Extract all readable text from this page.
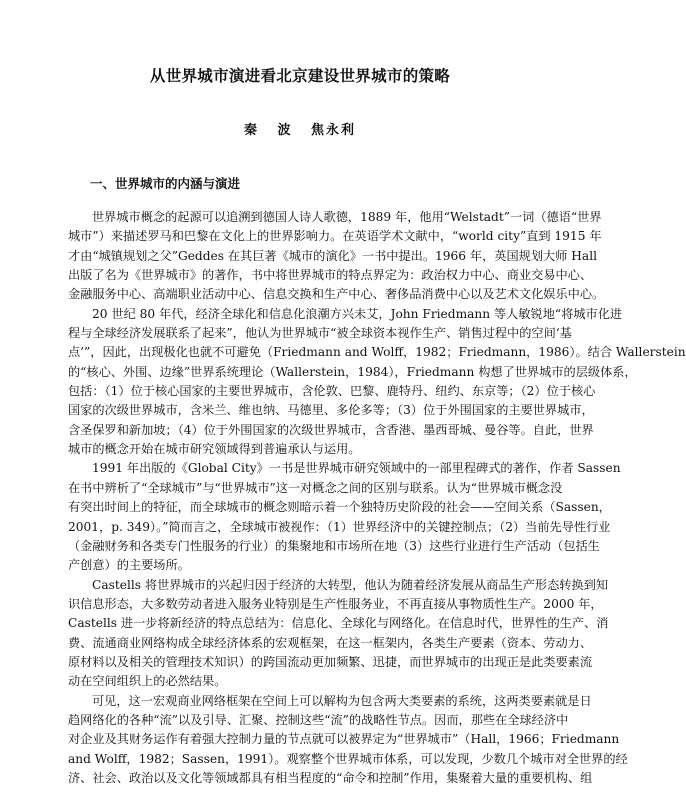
从世界城市演进看北京建设世界城市的策略
秦 波 焦永利
一、世界城市的内涵与演进
世界城市概念的起源可以追溯到德国人诗人歌德，1889 年，他用“Welstadt”一词（德语“世界
城市”）来描述罗马和巴黎在文化上的世界影响力。在英语学术文献中，“world city”直到 1915 年
才由“城镇规划之父”Geddes 在其巨著《城市的演化》一书中提出。1966 年，英国规划大师 Hall
出版了名为《世界城市》的著作，书中将世界城市的特点界定为：政治权力中心、商业交易中心、
金融服务中心、高端职业活动中心、信息交换和生产中心、奢侈品消费中心以及艺术文化娱乐中心。
20 世纪 80 年代，经济全球化和信息化浪潮方兴未艾，John Friedmann 等人敏锐地“将城市化进
程与全球经济发展联系了起来”，他认为世界城市“被全球资本视作生产、销售过程中的空间‘基
点’”，因此，出现极化也就不可避免（Friedmann and Wolff，1982；Friedmann，1986）。结合 Wallerstein
的“核心、外围、边缘”世界系统理论（Wallerstein，1984），Friedmann 构想了世界城市的层级体系，
包括：（1）位于核心国家的主要世界城市，含伦敦、巴黎、鹿特丹、纽约、东京等；（2）位于核心
国家的次级世界城市，含米兰、维也纳、马德里、多伦多等；（3）位于外围国家的主要世界城市，
含圣保罗和新加坡；（4）位于外围国家的次级世界城市，含香港、墨西哥城、曼谷等。自此，世界
城市的概念开始在城市研究领域得到普遍承认与运用。
1991 年出版的《Global City》一书是世界城市研究领域中的一部里程碑式的著作，作者 Sassen
在书中辨析了“全球城市”与“世界城市”这一对概念之间的区别与联系。认为“世界城市概念没
有突出时间上的特征，而全球城市的概念则暗示着一个独特历史阶段的社会——空间关系（Sassen，
2001，p. 349）。”简而言之，全球城市被视作：（1）世界经济中的关键控制点；（2）当前先导性行业
（金融财务和各类专门性服务的行业）的集聚地和市场所在地（3）这些行业进行生产活动（包括生
产创意）的主要场所。
Castells 将世界城市的兴起归因于经济的大转型，他认为随着经济发展从商品生产形态转换到知
识信息形态，大多数劳动者进入服务业特别是生产性服务业，不再直接从事物质性生产。2000 年，
Castells 进一步将新经济的特点总结为：信息化、全球化与网络化。在信息时代，世界性的生产、消
费、流通商业网络构成全球经济体系的宏观框架，在这一框架内，各类生产要素（资本、劳动力、
原材料以及相关的管理技术知识）的跨国流动更加频繁、迅捷，而世界城市的出现正是此类要素流
动在空间组织上的必然结果。
可见，这一宏观商业网络框架在空间上可以解构为包含两大类要素的系统，这两类要素就是日
趋网络化的各种“流”以及引导、汇聚、控制这些“流”的战略性节点。因而，那些在全球经济中
对企业及其财务运作有着强大控制力量的节点就可以被界定为“世界城市”（Hall，1966；Friedmann
and Wolff，1982；Sassen，1991）。观察整个世界城市体系，可以发现，少数几个城市对全世界的经
济、社会、政治以及文化等领域都具有相当程度的“命令和控制”作用，集聚着大量的重要机构、组
